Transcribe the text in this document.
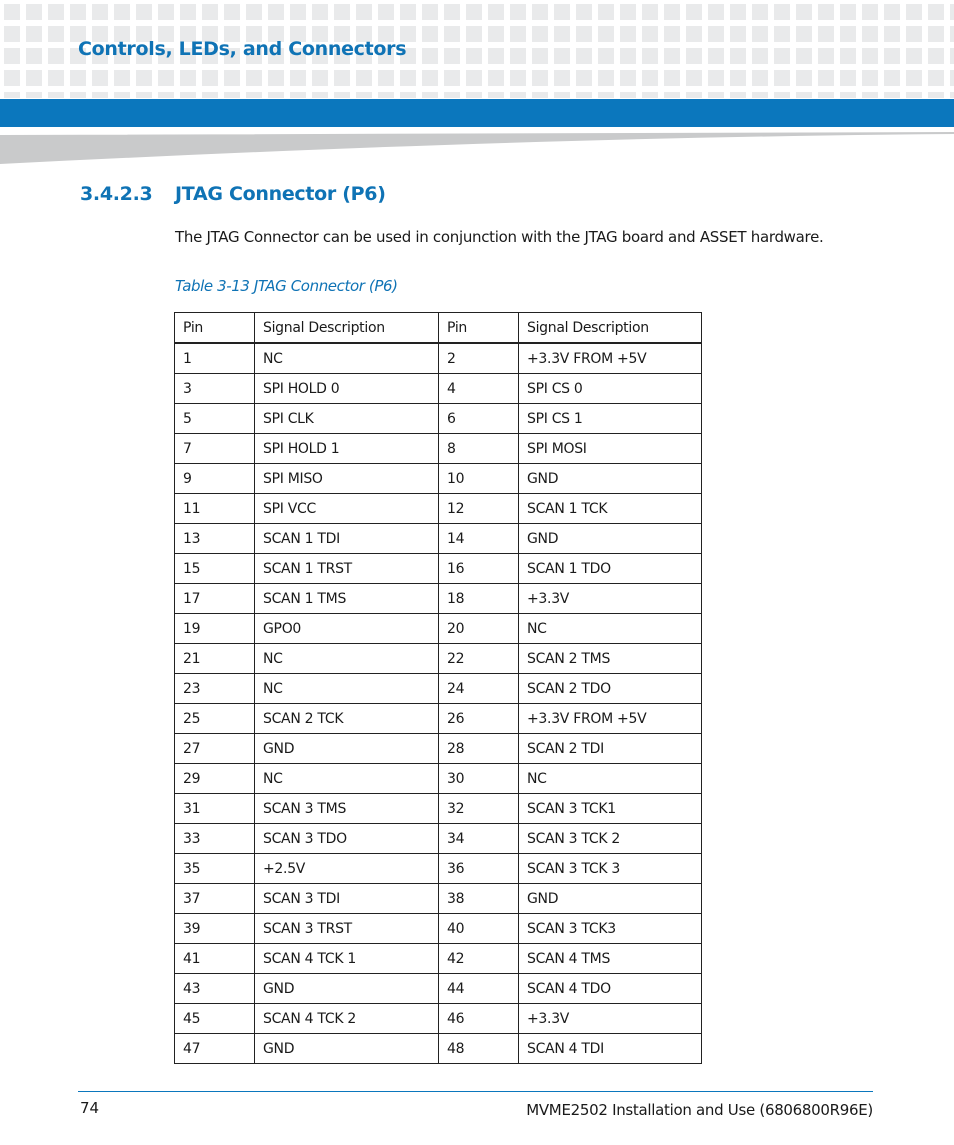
Controls, LEDs, and Connectors
3.4.2.3 JTAG Connector (P6)

The JTAG Connector can be used in conjunction with the JTAG board and ASSET hardware.

Table 3-13 JTAG Connector (P6)

Pin	Signal Description	Pin	Signal Description
1	NC	2	+3.3V FROM +5V
3	SPI HOLD 0	4	SPI CS 0
5	SPI CLK	6	SPI CS 1
7	SPI HOLD 1	8	SPI MOSI
9	SPI MISO	10	GND
11	SPI VCC	12	SCAN 1 TCK
13	SCAN 1 TDI	14	GND
15	SCAN 1 TRST	16	SCAN 1 TDO
17	SCAN 1 TMS	18	+3.3V
19	GPO0	20	NC
21	NC	22	SCAN 2 TMS
23	NC	24	SCAN 2 TDO
25	SCAN 2 TCK	26	+3.3V FROM +5V
27	GND	28	SCAN 2 TDI
29	NC	30	NC
31	SCAN 3 TMS	32	SCAN 3 TCK1
33	SCAN 3 TDO	34	SCAN 3 TCK 2
35	+2.5V	36	SCAN 3 TCK 3
37	SCAN 3 TDI	38	GND
39	SCAN 3 TRST	40	SCAN 3 TCK3
41	SCAN 4 TCK 1	42	SCAN 4 TMS
43	GND	44	SCAN 4 TDO
45	SCAN 4 TCK 2	46	+3.3V
47	GND	48	SCAN 4 TDI

74	MVME2502 Installation and Use (6806800R96E)
